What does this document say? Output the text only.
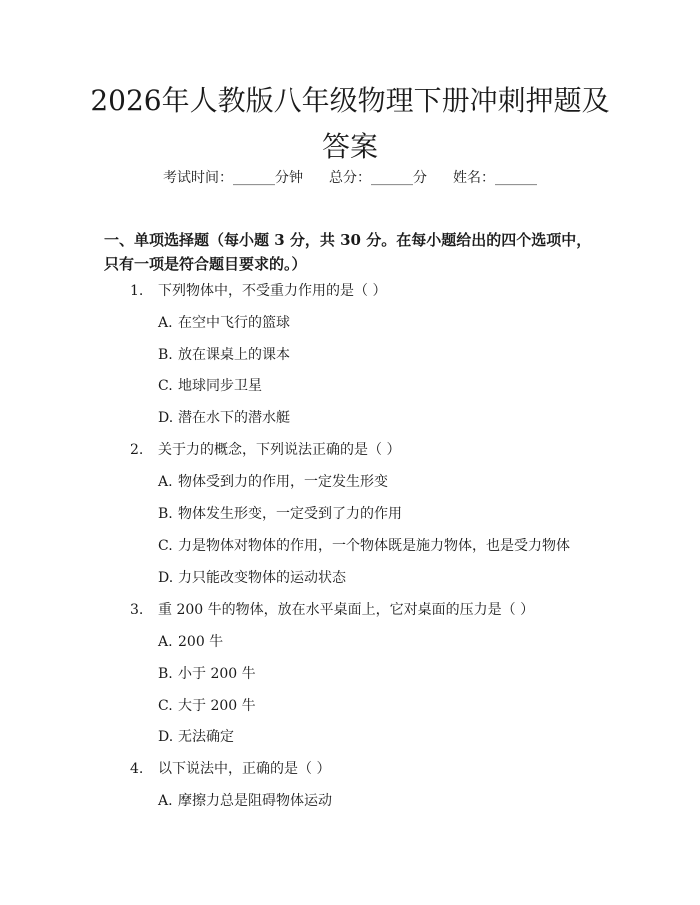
2026年人教版八年级物理下册冲刺押题及答案
考试时间：______分钟 总分：______分 姓名：______
一、单项选择题（每小题 3 分，共 30 分。在每小题给出的四个选项中，只有一项是符合题目要求的。）
1. 下列物体中，不受重力作用的是（ ）
A. 在空中飞行的篮球
B. 放在课桌上的课本
C. 地球同步卫星
D. 潜在水下的潜水艇
2. 关于力的概念，下列说法正确的是（ ）
A. 物体受到力的作用，一定发生形变
B. 物体发生形变，一定受到了力的作用
C. 力是物体对物体的作用，一个物体既是施力物体，也是受力物体
D. 力只能改变物体的运动状态
3. 重 200 牛的物体，放在水平桌面上，它对桌面的压力是（ ）
A. 200 牛
B. 小于 200 牛
C. 大于 200 牛
D. 无法确定
4. 以下说法中，正确的是（ ）
A. 摩擦力总是阻碍物体运动
